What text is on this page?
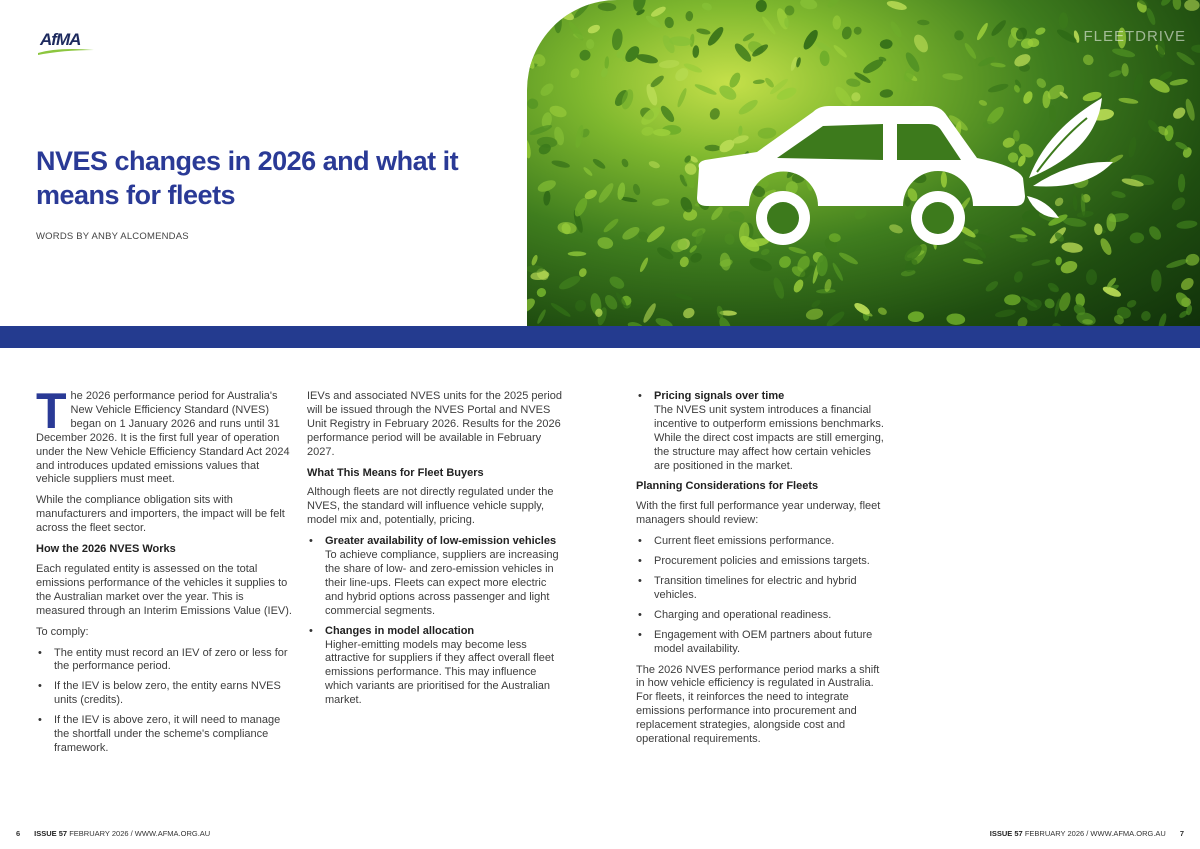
AfMA	FLEETDRIVE
NVES changes in 2026 and what it means for fleets
WORDS BY ANBY ALCOMENDAS

The 2026 performance period for Australia's New Vehicle Efficiency Standard (NVES) began on 1 January 2026 and runs until 31 December 2026. It is the first full year of operation under the New Vehicle Efficiency Standard Act 2024 and introduces updated emissions values that vehicle suppliers must meet.

While the compliance obligation sits with manufacturers and importers, the impact will be felt across the fleet sector.

How the 2026 NVES Works

Each regulated entity is assessed on the total emissions performance of the vehicles it supplies to the Australian market over the year. This is measured through an Interim Emissions Value (IEV).

To comply:

• The entity must record an IEV of zero or less for the performance period.
• If the IEV is below zero, the entity earns NVES units (credits).
• If the IEV is above zero, it will need to manage the shortfall under the scheme's compliance framework.

IEVs and associated NVES units for the 2025 period will be issued through the NVES Portal and NVES Unit Registry in February 2026. Results for the 2026 performance period will be available in February 2027.

What This Means for Fleet Buyers

Although fleets are not directly regulated under the NVES, the standard will influence vehicle supply, model mix and, potentially, pricing.

• Greater availability of low-emission vehicles
To achieve compliance, suppliers are increasing the share of low- and zero-emission vehicles in their line-ups. Fleets can expect more electric and hybrid options across passenger and light commercial segments.
• Changes in model allocation
Higher-emitting models may become less attractive for suppliers if they affect overall fleet emissions performance. This may influence which variants are prioritised for the Australian market.
• Pricing signals over time
The NVES unit system introduces a financial incentive to outperform emissions benchmarks. While the direct cost impacts are still emerging, the structure may affect how certain vehicles are positioned in the market.
Planning Considerations for Fleets

With the first full performance year underway, fleet managers should review:

• Current fleet emissions performance.
• Procurement policies and emissions targets.
• Transition timelines for electric and hybrid vehicles.
• Charging and operational readiness.
• Engagement with OEM partners about future model availability.

The 2026 NVES performance period marks a shift in how vehicle efficiency is regulated in Australia. For fleets, it reinforces the need to integrate emissions performance into procurement and replacement strategies, alongside cost and operational requirements.

6 ISSUE 57 FEBRUARY 2026 / WWW.AFMA.ORG.AU	ISSUE 57 FEBRUARY 2026 / WWW.AFMA.ORG.AU 7
